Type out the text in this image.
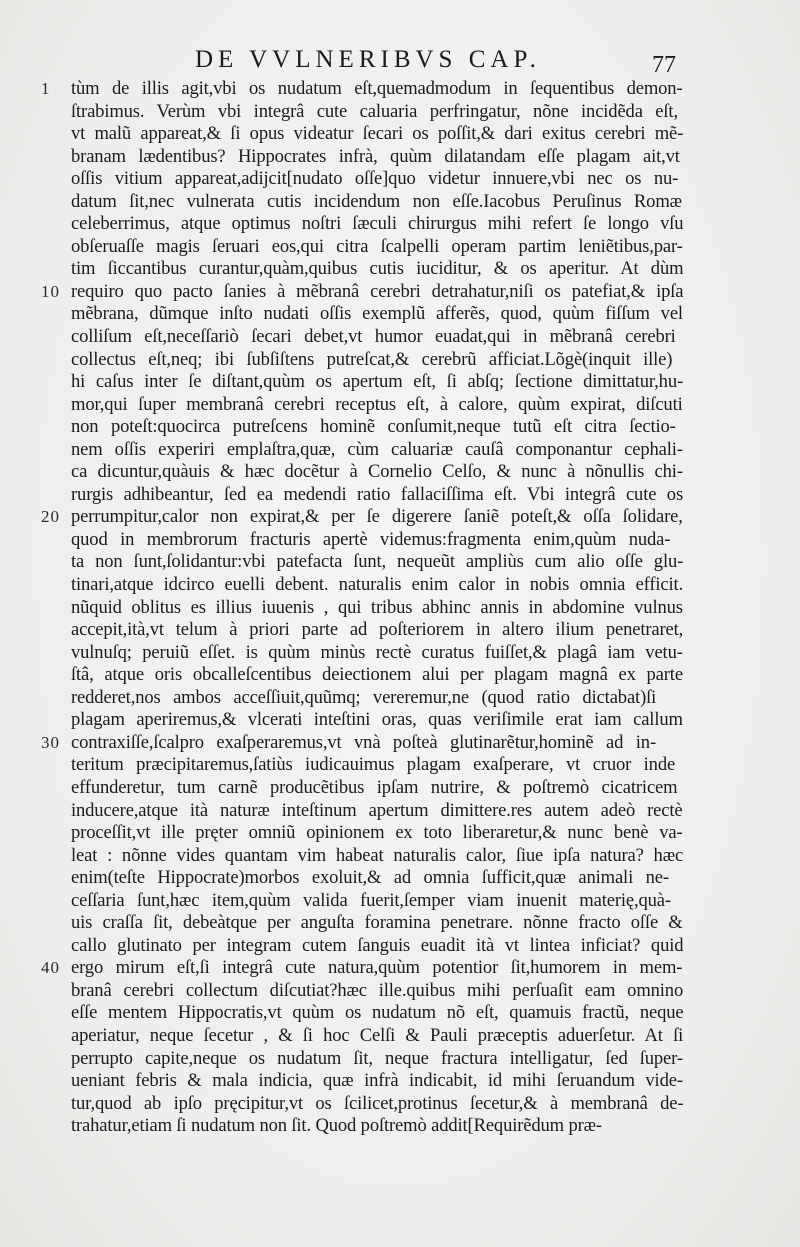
DE VVLNERIBVS CAP.	77
1 tùm de illis agit,vbi os nudatum eſt,quemadmodum in ſequentibus demon-
ſtrabimus. Verùm vbi integrâ cute caluaria perfringatur, nõne incidẽda eſt,
vt malũ appareat,& ſi opus videatur ſecari os poſſit,& dari exitus cerebri mẽ-
branam lædentibus? Hippocrates infrà, quùm dilatandam eſſe plagam ait,vt
oſſis vitium appareat,adijcit[nudato oſſe]quo videtur innuere,vbi nec os nu-
datum ſit,nec vulnerata cutis incidendum non eſſe.Iacobus Peruſinus Romæ
celeberrimus, atque optimus noſtri ſæculi chirurgus mihi refert ſe longo vſu
obſeruaſſe magis ſeruari eos,qui citra ſcalpelli operam partim leniẽtibus,par-
tim ſiccantibus curantur,quàm,quibus cutis iuciditur, & os aperitur. At dùm
10 requiro quo pacto ſanies à mẽbranâ cerebri detrahatur,niſi os patefiat,& ipſa
mẽbrana, dũmque inſto nudati oſſis exemplũ afferẽs, quod, quùm fiſſum vel
colliſum eſt,neceſſariò ſecari debet,vt humor euadat,qui in mẽbranâ cerebri
collectus eſt,neq; ibi ſubſiſtens putreſcat,& cerebrũ afficiat.Lõgè(inquit ille)
hi caſus inter ſe diſtant,quùm os apertum eſt, ſi abſq; ſectione dimittatur,hu-
mor,qui ſuper membranâ cerebri receptus eſt, à calore, quùm expirat, diſcuti
non poteſt:quocirca putreſcens hominẽ conſumit,neque tutũ eſt citra ſectio-
nem oſſis experiri emplaſtra,quæ, cùm caluariæ cauſâ componantur cephali-
ca dicuntur,quàuis & hæc docẽtur à Cornelio Celſo, & nunc à nõnullis chi-
rurgis adhibeantur, ſed ea medendi ratio fallaciſſima eſt. Vbi integrâ cute os
20 perrumpitur,calor non expirat,& per ſe digerere ſaniẽ poteſt,& oſſa ſolidare,
quod in membrorum fracturis apertè videmus:fragmenta enim,quùm nuda-
ta non ſunt,ſolidantur:vbi patefacta ſunt, nequeũt ampliùs cum alio oſſe glu-
tinari,atque idcirco euelli debent. naturalis enim calor in nobis omnia efficit.
nũquid oblitus es illius iuuenis , qui tribus abhinc annis in abdomine vulnus
accepit,ità,vt telum à priori parte ad poſteriorem in altero ilium penetraret,
vulnuſq; peruiũ eſſet. is quùm minùs rectè curatus fuiſſet,& plagâ iam vetu-
ſtâ, atque oris obcalleſcentibus deiectionem alui per plagam magnâ ex parte
redderet,nos ambos acceſſiuit,quũmq; vereremur,ne (quod ratio dictabat)ſi
plagam aperiremus,& vlcerati inteſtini oras, quas veriſimile erat iam callum
30 contraxiſſe,ſcalpro exaſperaremus,vt vnà poſteà glutinarẽtur,hominẽ ad in-
teritum præcipitaremus,ſatiùs iudicauimus plagam exaſperare, vt cruor inde
effunderetur, tum carnẽ producẽtibus ipſam nutrire, & poſtremò cicatricem
inducere,atque ità naturæ inteſtinum apertum dimittere.res autem adeò rectè
proceſſit,vt ille pręter omniũ opinionem ex toto liberaretur,& nunc benè va-
leat : nõnne vides quantam vim habeat naturalis calor, ſiue ipſa natura? hæc
enim(teſte Hippocrate)morbos exoluit,& ad omnia ſufficit,quæ animali ne-
ceſſaria ſunt,hæc item,quùm valida fuerit,ſemper viam inuenit materię,quà-
uis craſſa ſit, debeàtque per anguſta foramina penetrare. nõnne fracto oſſe &
callo glutinato per integram cutem ſanguis euadit ità vt lintea inficiat? quid
40 ergo mirum eſt,ſi integrâ cute natura,quùm potentior ſit,humorem in mem-
branâ cerebri collectum diſcutiat?hæc ille.quibus mihi perſuaſit eam omnino
eſſe mentem Hippocratis,vt quùm os nudatum nõ eſt, quamuis fractũ, neque
aperiatur, neque ſecetur , & ſi hoc Celſi & Pauli præceptis aduerſetur. At ſi
perrupto capite,neque os nudatum ſit, neque fractura intelligatur, ſed ſuper-
ueniant febris & mala indicia, quæ infrà indicabit, id mihi ſeruandum vide-
tur,quod ab ipſo pręcipitur,vt os ſcilicet,protinus ſecetur,& à membranâ de-
trahatur,etiam ſi nudatum non ſit. Quod poſtremò addit[Requirẽdum præ-
